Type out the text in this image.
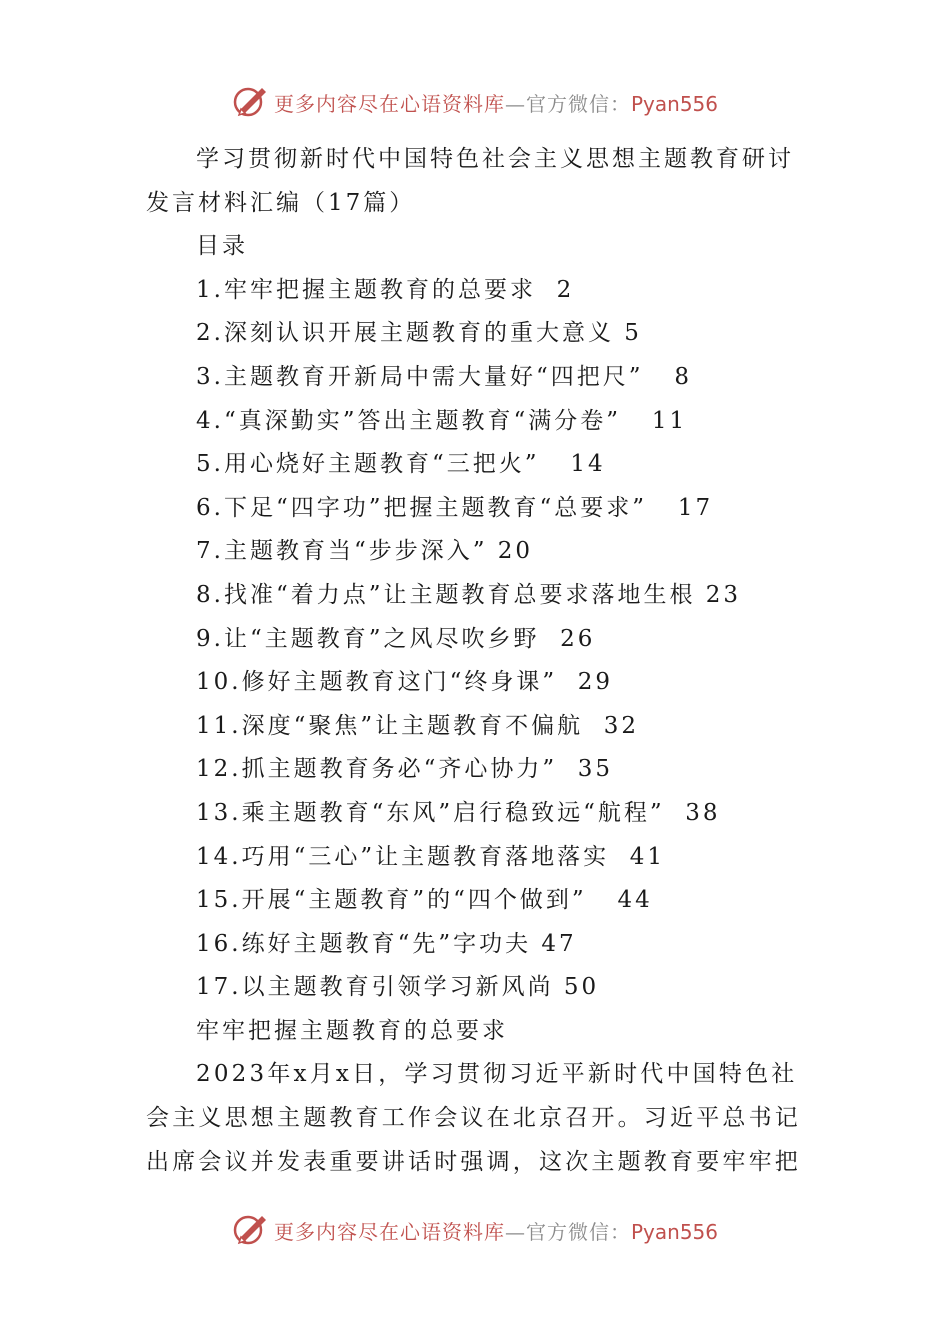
更多内容尽在心语资料库—官方微信：Pyan556
学习贯彻新时代中国特色社会主义思想主题教育研讨
发言材料汇编（17篇）
目录
1.牢牢把握主题教育的总要求  2
2.深刻认识开展主题教育的重大意义 5
3.主题教育开新局中需大量好“四把尺”   8
4.“真深勤实”答出主题教育“满分卷”   11
5.用心烧好主题教育“三把火”   14
6.下足“四字功”把握主题教育“总要求”   17
7.主题教育当“步步深入” 20
8.找准“着力点”让主题教育总要求落地生根 23
9.让“主题教育”之风尽吹乡野  26
10.修好主题教育这门“终身课”  29
11.深度“聚焦”让主题教育不偏航  32
12.抓主题教育务必“齐心协力”  35
13.乘主题教育“东风”启行稳致远“航程”  38
14.巧用“三心”让主题教育落地落实  41
15.开展“主题教育”的“四个做到”   44
16.练好主题教育“先”字功夫 47
17.以主题教育引领学习新风尚 50
牢牢把握主题教育的总要求
2023年x月x日，学习贯彻习近平新时代中国特色社
会主义思想主题教育工作会议在北京召开。习近平总书记
出席会议并发表重要讲话时强调，这次主题教育要牢牢把
更多内容尽在心语资料库—官方微信：Pyan556
